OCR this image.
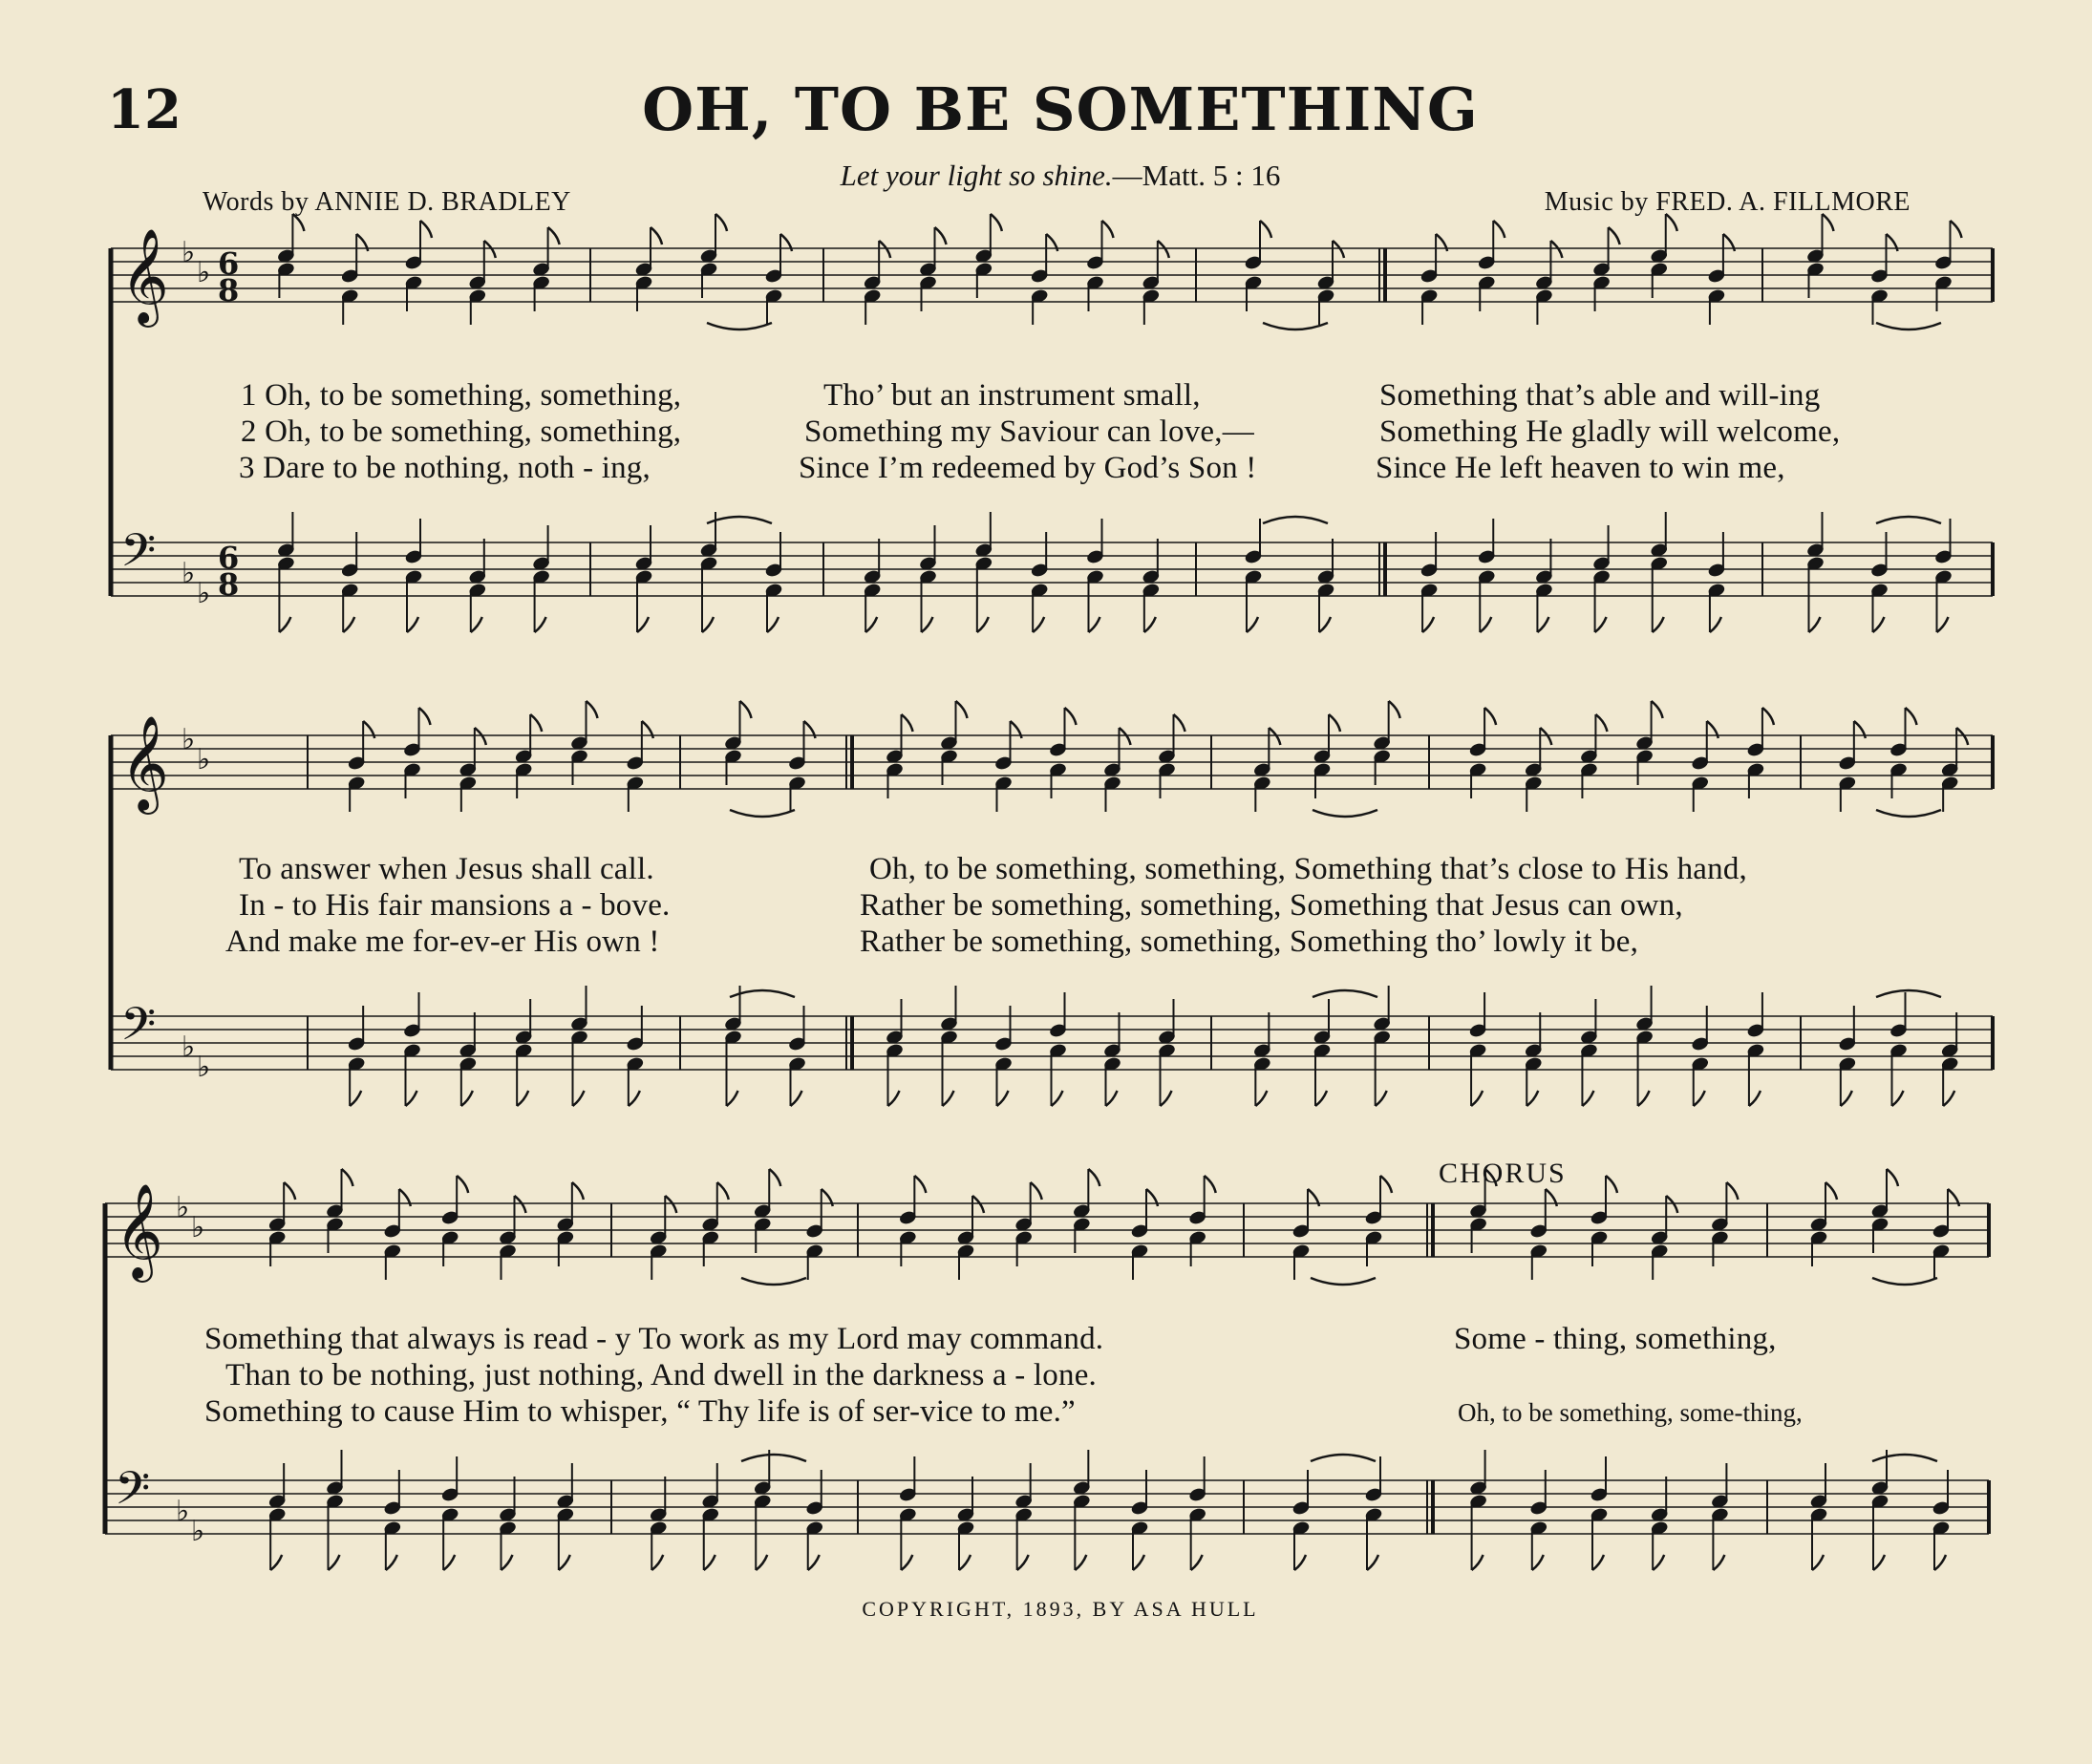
12	OH, TO BE SOMETHING
Let your light so shine.—Matt. 5 : 16
Words by ANNIE D. BRADLEY	Music by FRED. A. FILLMORE
1 Oh, to be something, something,	Tho’ but an instrument small,	Something that’s able and will-ing
2 Oh, to be something, something,	Something my Saviour can love,—	Something He gladly will welcome,
3 Dare to be nothing, noth - ing,	Since I’m redeemed by God’s Son !	Since He left heaven to win me,
To answer when Jesus shall call.	Oh, to be something, something, Something that’s close to His hand,
In - to His fair mansions a - bove.	Rather be something, something, Something that Jesus can own,
And make me for-ev-er His own !	Rather be something, something, Something tho’ lowly it be,
CHORUS
Something that always is read - y To work as my Lord may command.	Some - thing, something,
Than to be nothing, just nothing, And dwell in the darkness a - lone.
Something to cause Him to whisper, “ Thy life is of ser-vice to me.”	Oh, to be something, some-thing,
COPYRIGHT, 1893, BY ASA HULL
𝄞 ♭
♭ 6
8
𝄢 ♭
♭
6
8
𝄞 ♭
♭
𝄢 ♭
♭
𝄞 ♭
♭
𝄢 ♭
♭
